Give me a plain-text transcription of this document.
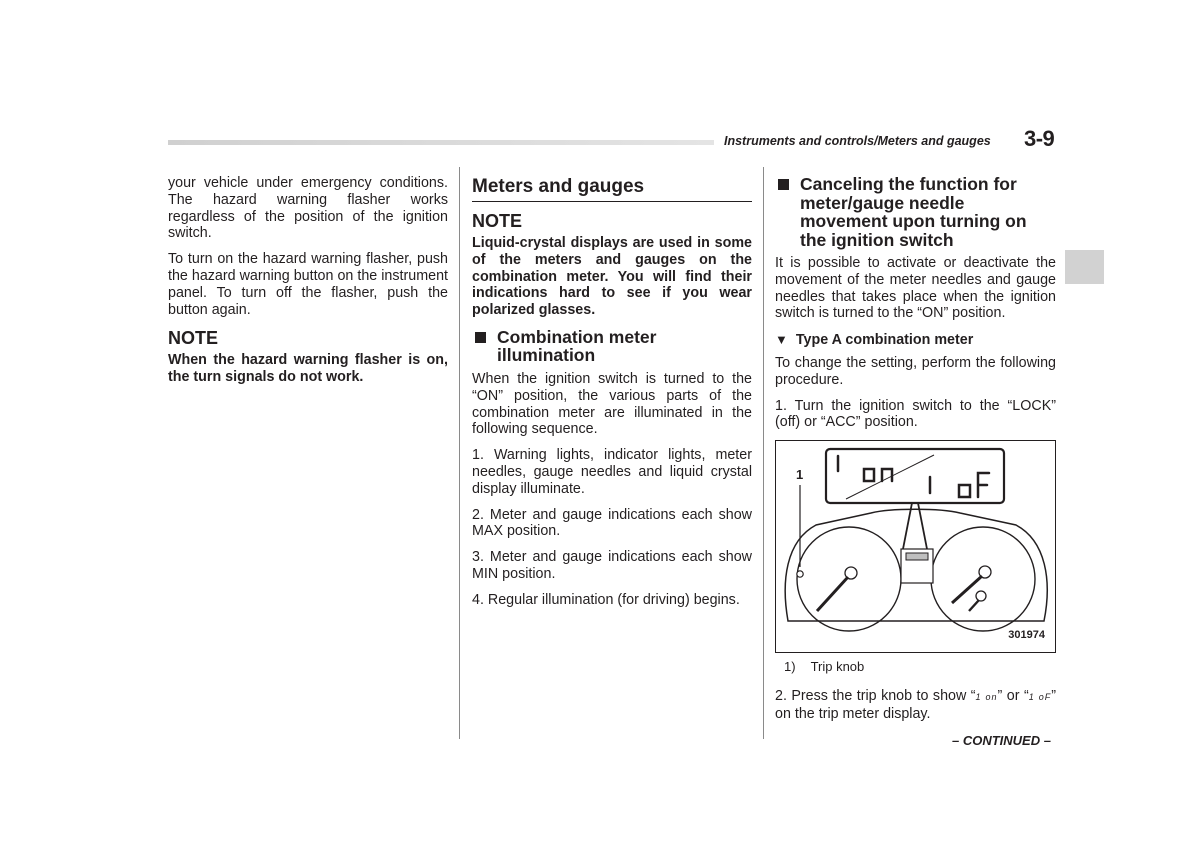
Instruments and controls/Meters and gauges 3-9

your vehicle under emergency conditions. The hazard warning flasher works regardless of the position of the ignition switch.

To turn on the hazard warning flasher, push the hazard warning button on the instrument panel. To turn off the flasher, push the button again.

NOTE
When the hazard warning flasher is on, the turn signals do not work.
Meters and gauges
NOTE
Liquid-crystal displays are used in some of the meters and gauges on the combination meter. You will find their indications hard to see if you wear polarized glasses.
Combination meter illumination

When the ignition switch is turned to the “ON” position, the various parts of the combination meter are illuminated in the following sequence.

1. Warning lights, indicator lights, meter needles, gauge needles and liquid crystal display illuminate.

2. Meter and gauge indications each show MAX position.

3. Meter and gauge indications each show MIN position.

4. Regular illumination (for driving) begins.

Canceling the function for meter/gauge needle movement upon turning on the ignition switch

It is possible to activate or deactivate the movement of the meter needles and gauge needles that takes place when the ignition switch is turned to the “ON” position.

▼ Type A combination meter

To change the setting, perform the following procedure.

1. Turn the ignition switch to the “LOCK” (off) or “ACC” position.

1
301974
1) Trip knob

2. Press the trip knob to show “1 on” or “1 oF” on the trip meter display.

– CONTINUED –
